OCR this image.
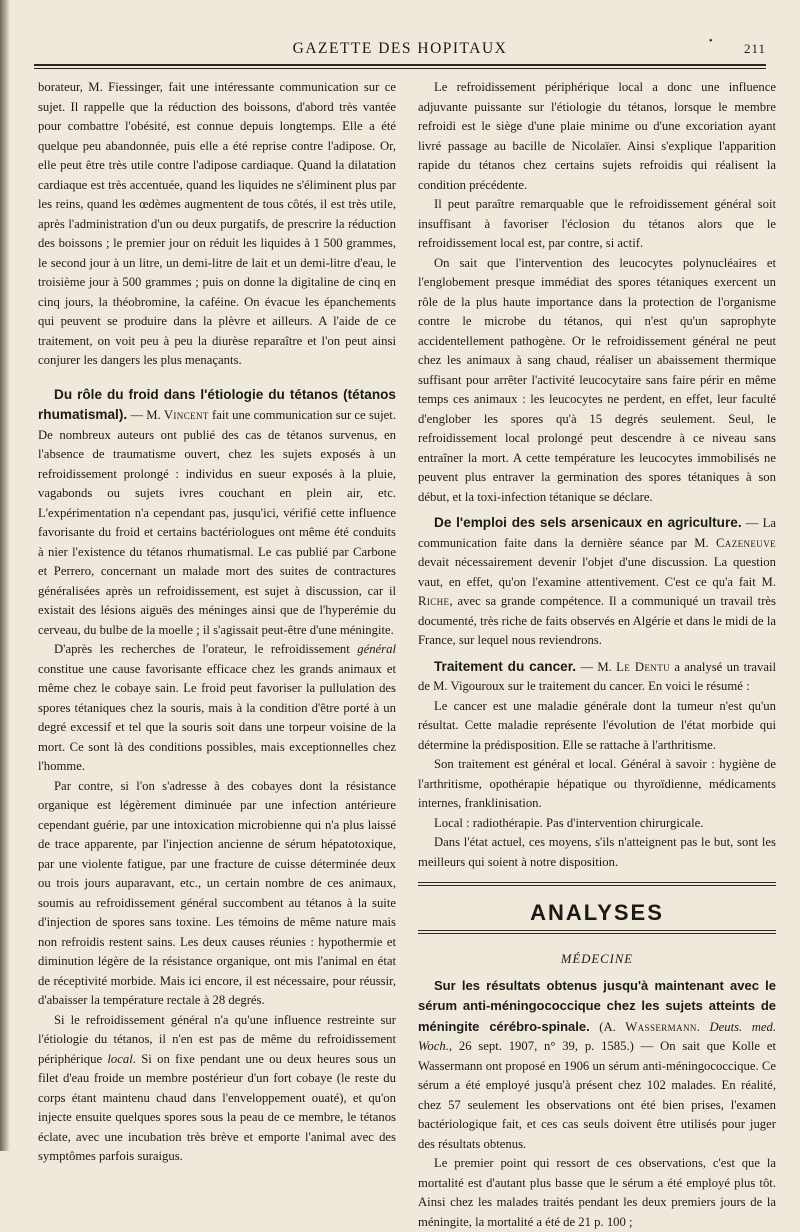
GAZETTE DES HOPITAUX	• 211

borateur, M. Fiessinger, fait une intéressante communication sur ce sujet. Il rappelle que la réduction des boissons, d'abord très vantée pour combattre l'obésité, est connue depuis longtemps. Elle a été quelque peu abandonnée, puis elle a été reprise contre l'adipose. Or, elle peut être très utile contre l'adipose cardiaque. Quand la dilatation cardiaque est très accentuée, quand les liquides ne s'éliminent plus par les reins, quand les œdèmes augmentent de tous côtés, il est très utile, après l'administration d'un ou deux purgatifs, de prescrire la réduction des boissons ; le premier jour on réduit les liquides à 1 500 grammes, le second jour à un litre, un demi-litre de lait et un demi-litre d'eau, le troisième jour à 500 grammes ; puis on donne la digitaline de cinq en cinq jours, la théobromine, la caféine. On évacue les épanchements qui peuvent se produire dans la plèvre et ailleurs. A l'aide de ce traitement, on voit peu à peu la diurèse reparaître et l'on peut ainsi conjurer les dangers les plus menaçants.

Du rôle du froid dans l'étiologie du tétanos (tétanos rhumatismal). — M. Vincent fait une communication sur ce sujet. De nombreux auteurs ont publié des cas de tétanos survenus, en l'absence de traumatisme ouvert, chez les sujets exposés à un refroidissement prolongé : individus en sueur exposés à la pluie, vagabonds ou sujets ivres couchant en plein air, etc. L'expérimentation n'a cependant pas, jusqu'ici, vérifié cette influence favorisante du froid et certains bactériologues ont même été conduits à nier l'existence du tétanos rhumatismal. Le cas publié par Carbone et Perrero, concernant un malade mort des suites de contractures généralisées après un refroidissement, est sujet à discussion, car il existait des lésions aiguës des méninges ainsi que de l'hyperémie du cerveau, du bulbe de la moelle ; il s'agissait peut-être d'une méningite.

D'après les recherches de l'orateur, le refroidissement général constitue une cause favorisante efficace chez les grands animaux et même chez le cobaye sain. Le froid peut favoriser la pullulation des spores tétaniques chez la souris, mais à la condition d'être porté à un degré excessif et tel que la souris soit dans une torpeur voisine de la mort. Ce sont là des conditions possibles, mais exceptionnelles chez l'homme.

Par contre, si l'on s'adresse à des cobayes dont la résistance organique est légèrement diminuée par une infection antérieure cependant guérie, par une intoxication microbienne qui n'a plus laissé de trace apparente, par l'injection ancienne de sérum hépatotoxique, par une violente fatigue, par une fracture de cuisse déterminée deux ou trois jours auparavant, etc., un certain nombre de ces animaux, soumis au refroidissement général succombent au tétanos à la suite d'injection de spores sans toxine. Les témoins de même nature mais non refroidis restent sains. Les deux causes réunies : hypothermie et diminution légère de la résistance organique, ont mis l'animal en état de réceptivité morbide. Mais ici encore, il est nécessaire, pour réussir, d'abaisser la température rectale à 28 degrés.

Si le refroidissement général n'a qu'une influence restreinte sur l'étiologie du tétanos, il n'en est pas de même du refroidissement périphérique local. Si on fixe pendant une ou deux heures sous un filet d'eau froide un membre postérieur d'un fort cobaye (le reste du corps étant maintenu chaud dans l'enveloppement ouaté), et qu'on injecte ensuite quelques spores sous la peau de ce membre, le tétanos éclate, avec une incubation très brève et emporte l'animal avec des symptômes parfois suraigus.

Le refroidissement périphérique local a donc une influence adjuvante puissante sur l'étiologie du tétanos, lorsque le membre refroidi est le siège d'une plaie minime ou d'une excoriation ayant livré passage au bacille de Nicolaïer. Ainsi s'explique l'apparition rapide du tétanos chez certains sujets refroidis qui réalisent la condition précédente.

Il peut paraître remarquable que le refroidissement général soit insuffisant à favoriser l'éclosion du tétanos alors que le refroidissement local est, par contre, si actif.

On sait que l'intervention des leucocytes polynucléaires et l'englobement presque immédiat des spores tétaniques exercent un rôle de la plus haute importance dans la protection de l'organisme contre le microbe du tétanos, qui n'est qu'un saprophyte accidentellement pathogène. Or le refroidissement général ne peut chez les animaux à sang chaud, réaliser un abaissement thermique suffisant pour arrêter l'activité leucocytaire sans faire périr en même temps ces animaux : les leucocytes ne perdent, en effet, leur faculté d'englober les spores qu'à 15 degrés seulement. Seul, le refroidissement local prolongé peut descendre à ce niveau sans entraîner la mort. A cette température les leucocytes immobilisés ne peuvent plus entraver la germination des spores tétaniques à son début, et la toxi-infection tétanique se déclare.

De l'emploi des sels arsenicaux en agriculture. — La communication faite dans la dernière séance par M. Cazeneuve devait nécessairement devenir l'objet d'une discussion. La question vaut, en effet, qu'on l'examine attentivement. C'est ce qu'a fait M. Riche, avec sa grande compétence. Il a communiqué un travail très documenté, très riche de faits observés en Algérie et dans le midi de la France, sur lequel nous reviendrons.

Traitement du cancer. — M. Le Dentu a analysé un travail de M. Vigouroux sur le traitement du cancer. En voici le résumé :

Le cancer est une maladie générale dont la tumeur n'est qu'un résultat. Cette maladie représente l'évolution de l'état morbide qui détermine la prédisposition. Elle se rattache à l'arthritisme.

Son traitement est général et local. Général à savoir : hygiène de l'arthritisme, opothérapie hépatique ou thyroïdienne, médicaments internes, franklinisation.

Local : radiothérapie. Pas d'intervention chirurgicale.

Dans l'état actuel, ces moyens, s'ils n'atteignent pas le but, sont les meilleurs qui soient à notre disposition.

ANALYSES
MÉDECINE

Sur les résultats obtenus jusqu'à maintenant avec le sérum anti-méningococcique chez les sujets atteints de méningite cérébro-spinale. (A. Wassermann. Deuts. med. Woch., 26 sept. 1907, n° 39, p. 1585.) — On sait que Kolle et Wassermann ont proposé en 1906 un sérum anti-méningococcique. Ce sérum a été employé jusqu'à présent chez 102 malades. En réalité, chez 57 seulement les observations ont été bien prises, l'examen bactériologique fait, et ces cas seuls doivent être utilisés pour juger des résultats obtenus.

Le premier point qui ressort de ces observations, c'est que la mortalité est d'autant plus basse que le sérum a été employé plus tôt. Ainsi chez les malades traités pendant les deux premiers jours de la méningite, la mortalité a été de 21 p. 100 ;
